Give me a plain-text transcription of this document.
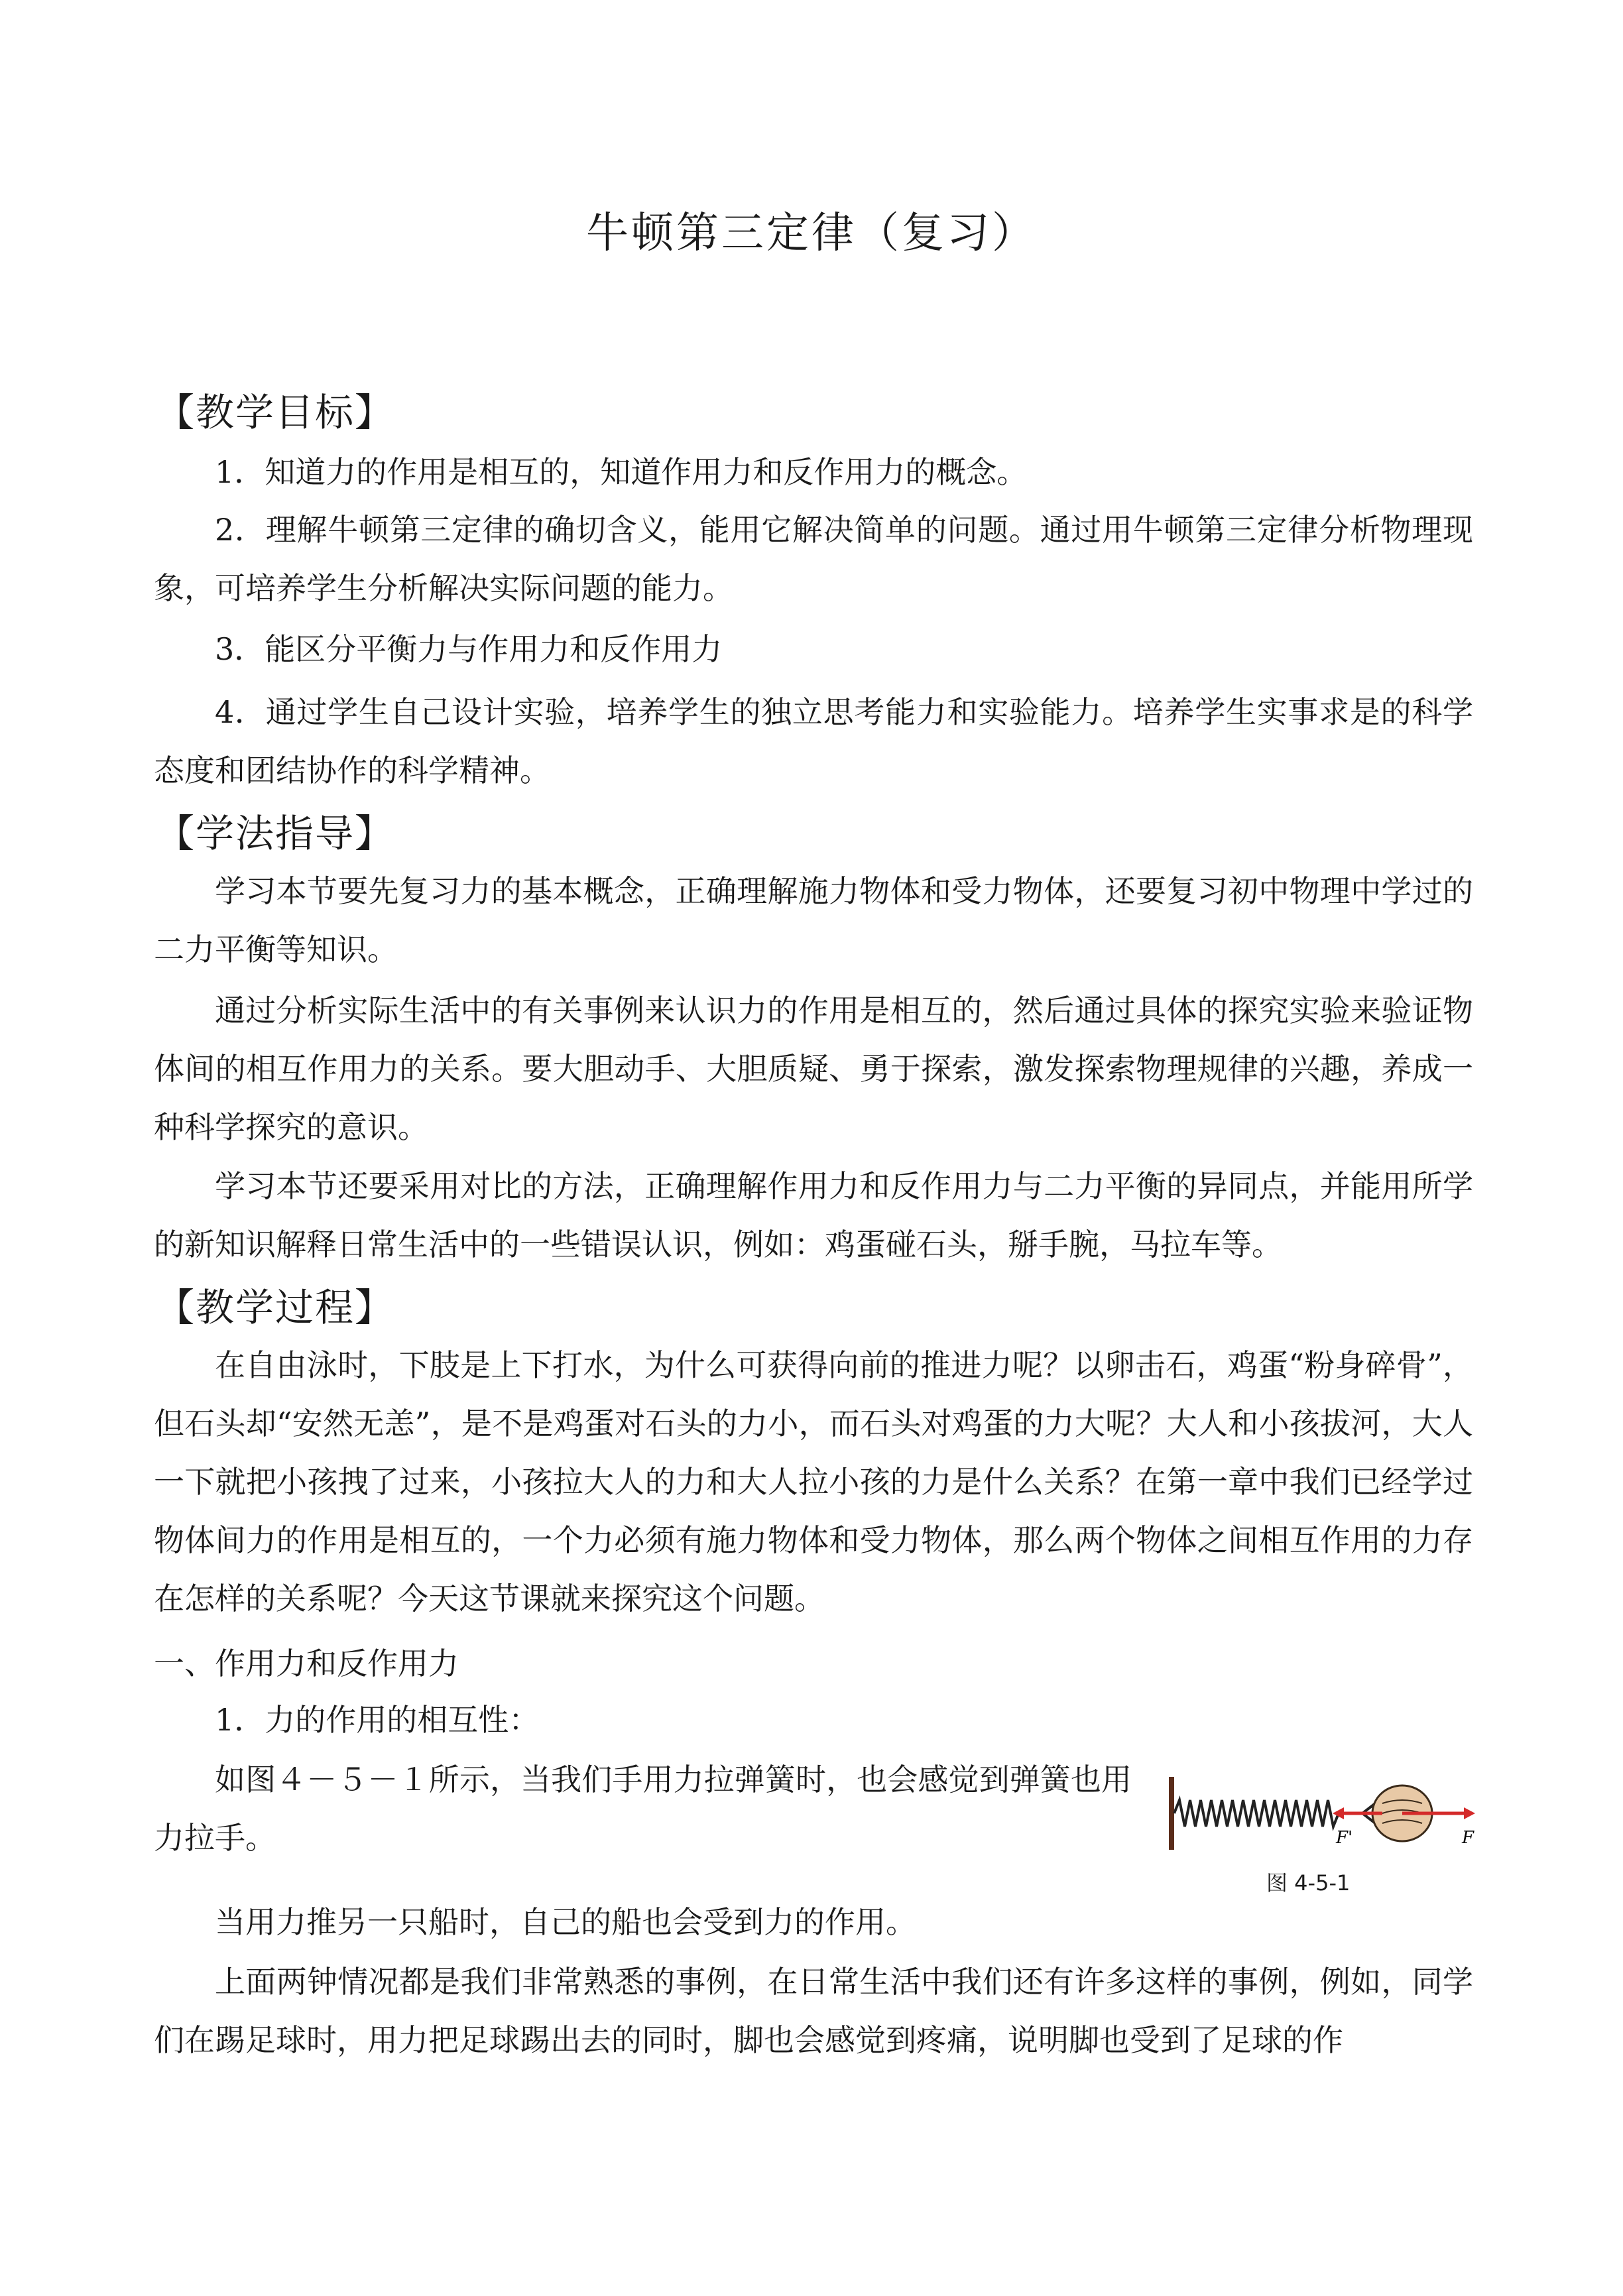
牛顿第三定律（复习）
【教学目标】

1．知道力的作用是相互的，知道作用力和反作用力的概念。

2．理解牛顿第三定律的确切含义，能用它解决简单的问题。通过用牛顿第三定律分析物理现象，可培养学生分析解决实际问题的能力。

3．能区分平衡力与作用力和反作用力

4．通过学生自己设计实验，培养学生的独立思考能力和实验能力。培养学生实事求是的科学态度和团结协作的科学精神。

【学法指导】

学习本节要先复习力的基本概念，正确理解施力物体和受力物体，还要复习初中物理中学过的二力平衡等知识。

通过分析实际生活中的有关事例来认识力的作用是相互的，然后通过具体的探究实验来验证物体间的相互作用力的关系。要大胆动手、大胆质疑、勇于探索，激发探索物理规律的兴趣，养成一种科学探究的意识。

学习本节还要采用对比的方法，正确理解作用力和反作用力与二力平衡的异同点，并能用所学的新知识解释日常生活中的一些错误认识，例如：鸡蛋碰石头，掰手腕，马拉车等。

【教学过程】

在自由泳时，下肢是上下打水，为什么可获得向前的推进力呢？以卵击石，鸡蛋“粉身碎骨”，但石头却“安然无恙”，是不是鸡蛋对石头的力小，而石头对鸡蛋的力大呢？大人和小孩拔河，大人一下就把小孩拽了过来，小孩拉大人的力和大人拉小孩的力是什么关系？在第一章中我们已经学过物体间力的作用是相互的，一个力必须有施力物体和受力物体，那么两个物体之间相互作用的力存在怎样的关系呢？今天这节课就来探究这个问题。

一、作用力和反作用力

1．力的作用的相互性：

如图４－５－１所示，当我们手用力拉弹簧时，也会感觉到弹簧也用力拉手。	F'	F
图 4-5-1

当用力推另一只船时，自己的船也会受到力的作用。

上面两钟情况都是我们非常熟悉的事例，在日常生活中我们还有许多这样的事例，例如，同学们在踢足球时，用力把足球踢出去的同时，脚也会感觉到疼痛，说明脚也受到了足球的作
